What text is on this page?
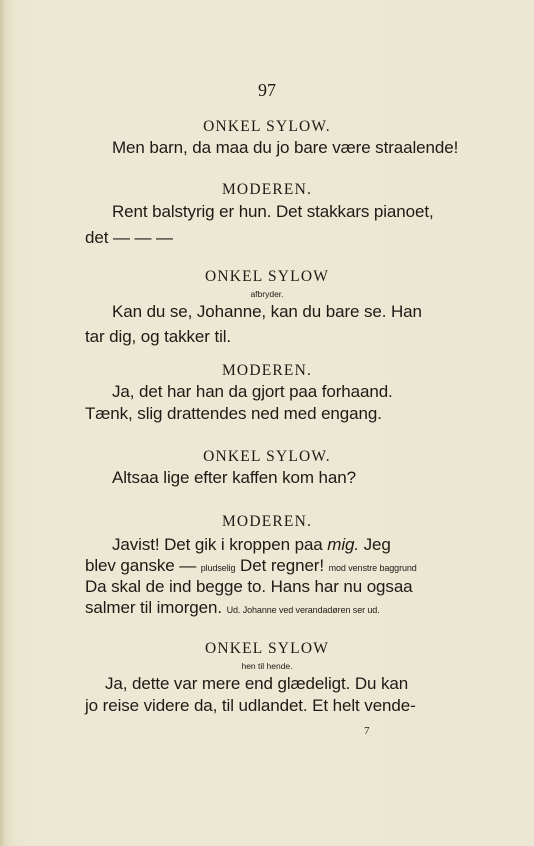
97
ONKEL SYLOW.
Men barn, da maa du jo bare være straalende!
MODEREN.
Rent balstyrig er hun. Det stakkars pianoet,
det — — —
ONKEL SYLOW
afbryder.
Kan du se, Johanne, kan du bare se. Han
tar dig, og takker til.
MODEREN.
Ja, det har han da gjort paa forhaand.
Tænk, slig drattendes ned med engang.
ONKEL SYLOW.
Altsaa lige efter kaffen kom han?
MODEREN.
Javist! Det gik i kroppen paa mig. Jeg
blev ganske — pludselig Det regner! mod venstre baggrund
Da skal de ind begge to. Hans har nu ogsaa
salmer til imorgen. Ud. Johanne ved verandadøren ser ud.
ONKEL SYLOW
hen til hende.
Ja, dette var mere end glædeligt. Du kan
jo reise videre da, til udlandet. Et helt vende-
7
